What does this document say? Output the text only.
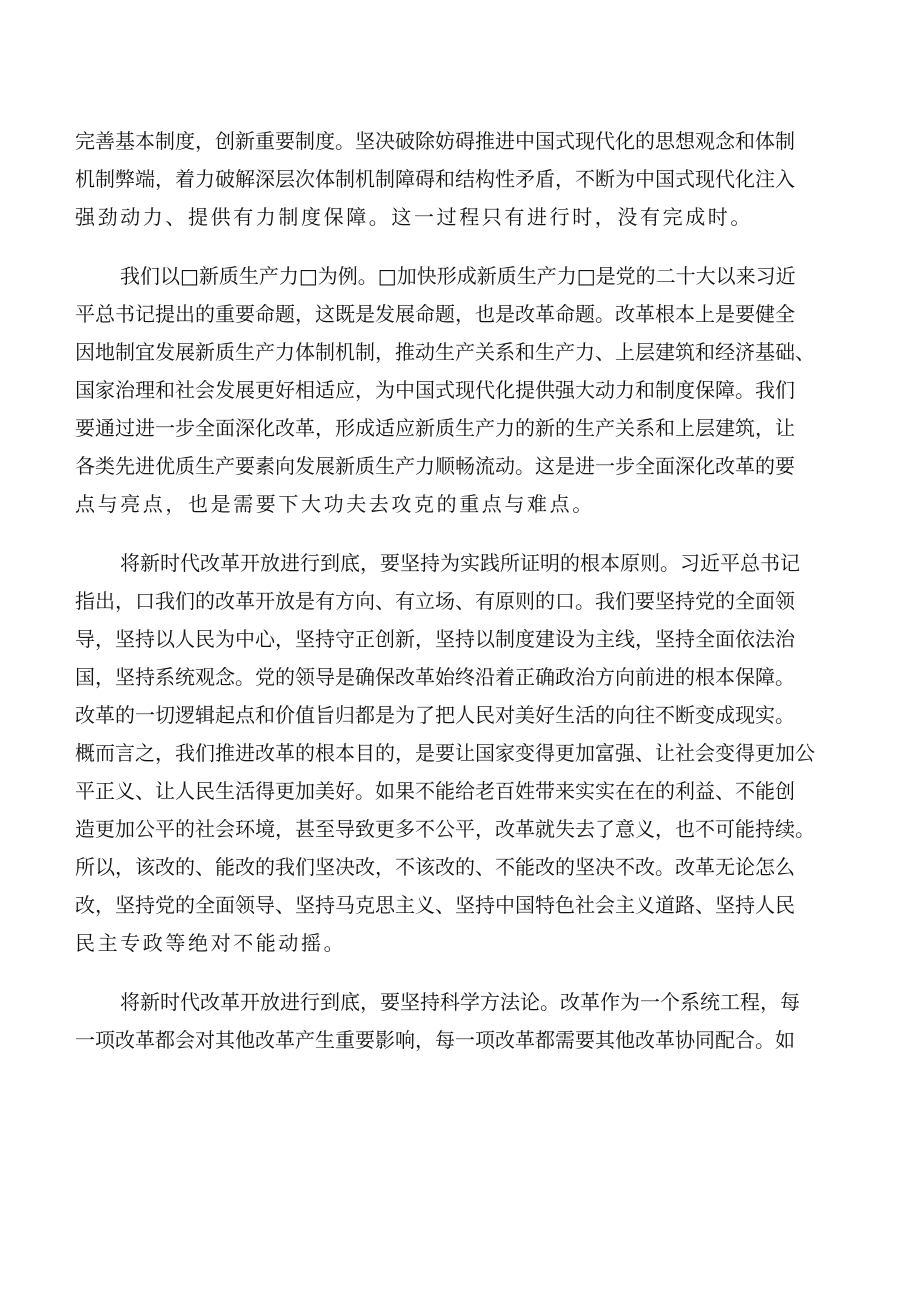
完善基本制度，创新重要制度。坚决破除妨碍推进中国式现代化的思想观念和体制
机制弊端，着力破解深层次体制机制障碍和结构性矛盾，不断为中国式现代化注入
强劲动力、提供有力制度保障。这一过程只有进行时，没有完成时。
我们以□新质生产力□为例。□加快形成新质生产力□是党的二十大以来习近
平总书记提出的重要命题，这既是发展命题，也是改革命题。改革根本上是要健全
因地制宜发展新质生产力体制机制，推动生产关系和生产力、上层建筑和经济基础、
国家治理和社会发展更好相适应，为中国式现代化提供强大动力和制度保障。我们
要通过进一步全面深化改革，形成适应新质生产力的新的生产关系和上层建筑，让
各类先进优质生产要素向发展新质生产力顺畅流动。这是进一步全面深化改革的要
点与亮点，也是需要下大功夫去攻克的重点与难点。
将新时代改革开放进行到底，要坚持为实践所证明的根本原则。习近平总书记
指出，口我们的改革开放是有方向、有立场、有原则的口。我们要坚持党的全面领
导，坚持以人民为中心，坚持守正创新，坚持以制度建设为主线，坚持全面依法治
国，坚持系统观念。党的领导是确保改革始终沿着正确政治方向前进的根本保障。
改革的一切逻辑起点和价值旨归都是为了把人民对美好生活的向往不断变成现实。
概而言之，我们推进改革的根本目的，是要让国家变得更加富强、让社会变得更加公
平正义、让人民生活得更加美好。如果不能给老百姓带来实实在在的利益、不能创
造更加公平的社会环境，甚至导致更多不公平，改革就失去了意义，也不可能持续。
所以，该改的、能改的我们坚决改，不该改的、不能改的坚决不改。改革无论怎么
改，坚持党的全面领导、坚持马克思主义、坚持中国特色社会主义道路、坚持人民
民主专政等绝对不能动摇。
将新时代改革开放进行到底，要坚持科学方法论。改革作为一个系统工程，每
一项改革都会对其他改革产生重要影响，每一项改革都需要其他改革协同配合。如
